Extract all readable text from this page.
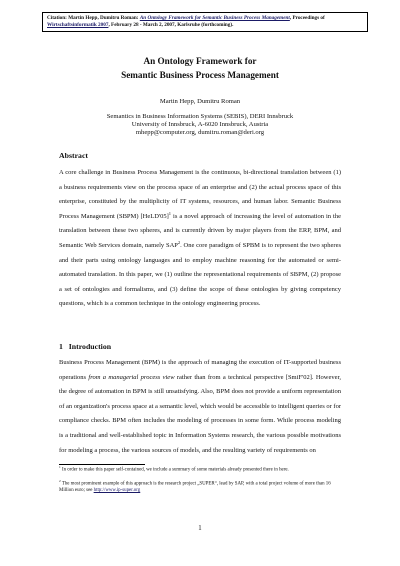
Citation: Martin Hepp, Dumitru Roman: An Ontology Framework for Semantic Business Process Management, Proceedings of Wirtschaftsinformatik 2007, February 28 - March 2, 2007, Karlsruhe (forthcoming).
An Ontology Framework for
Semantic Business Process Management
Martin Hepp, Dumitru Roman
Semantics in Business Information Systems (SEBIS), DERI Innsbruck
University of Innsbruck, A-6020 Innsbruck, Austria
mhepp@computer.org, dumitru.roman@deri.org
Abstract

A core challenge in Business Process Management is the continuous, bi-directional translation between (1) a business requirements view on the process space of an enterprise and (2) the actual process space of this enterprise, constituted by the multiplicity of IT systems, resources, and human labor. Semantic Business Process Management (SBPM) [HeLD'05]$^1$ is a novel approach of increasing the level of automation in the translation between these two spheres, and is currently driven by major players from the ERP, BPM, and Semantic Web Services domain, namely SAP$^2$. One core paradigm of SPBM is to represent the two spheres and their parts using ontology languages and to employ machine reasoning for the automated or semi-automated translation. In this paper, we (1) outline the representational requirements of SBPM, (2) propose a set of ontologies and formalisms, and (3) define the scope of these ontologies by giving competency questions, which is a common technique in the ontology engineering process.

1 Introduction

Business Process Management (BPM) is the approach of managing the execution of IT-supported business operations from a managerial process view rather than from a technical perspective [SmiF'02]. However, the degree of automation in BPM is still unsatisfying. Also, BPM does not provide a uniform representation of an organization's process space at a semantic level, which would be accessible to intelligent queries or for compliance checks. BPM often includes the modeling of processes in some form. While process modeling is a traditional and well-established topic in Information Systems research, the various possible motivations for modeling a process, the various sources of models, and the resulting variety of requirements on

$^1$ In order to make this paper self-contained, we include a summary of some materials already presented there in here.
$^2$ The most prominent example of this approach is the research project „SUPER“, lead by SAP, with a total project volume of more than 16 Million euro; see http://www.ip-super.org
1
